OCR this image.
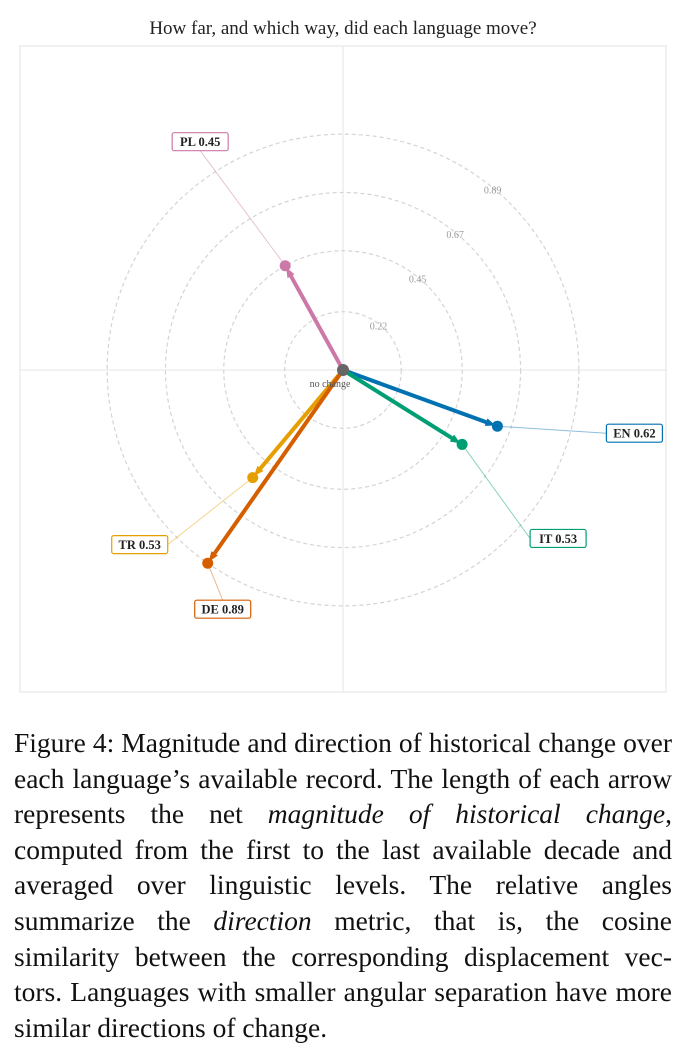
How far, and which way, did each language move?
0.22
0.45
0.67
0.89
no change
EN 0.62
IT 0.53
PL 0.45
TR 0.53
DE 0.89
Figure 4: Magnitude and direction of historical change over each language’s available record. The length of each arrow represents the net magnitude of historical change, computed from the first to the last available decade and averaged over linguistic levels. The relative angles summarize the direction metric, that is, the cosine similarity between the corresponding displacement vec-tors. Languages with smaller angular separation have more similar directions of change.
